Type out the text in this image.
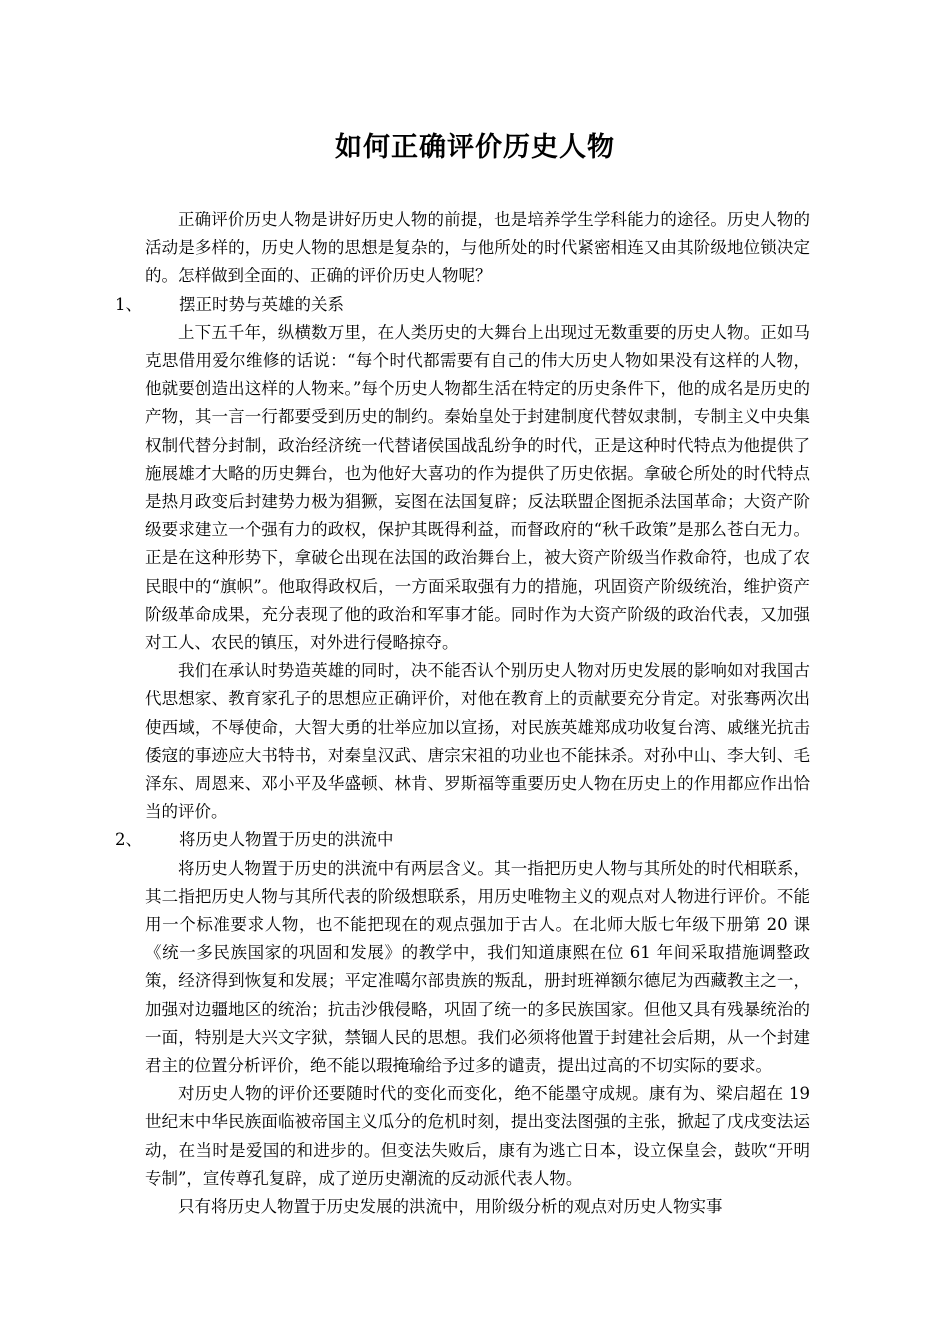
如何正确评价历史人物

正确评价历史人物是讲好历史人物的前提，也是培养学生学科能力的途径。历史人物的活动是多样的，历史人物的思想是复杂的，与他所处的时代紧密相连又由其阶级地位锁决定的。怎样做到全面的、正确的评价历史人物呢？

1、 摆正时势与英雄的关系

上下五千年，纵横数万里，在人类历史的大舞台上出现过无数重要的历史人物。正如马克思借用爱尔维修的话说：“每个时代都需要有自己的伟大历史人物如果没有这样的人物，他就要创造出这样的人物来。”每个历史人物都生活在特定的历史条件下，他的成名是历史的产物，其一言一行都要受到历史的制约。秦始皇处于封建制度代替奴隶制，专制主义中央集权制代替分封制，政治经济统一代替诸侯国战乱纷争的时代，正是这种时代特点为他提供了施展雄才大略的历史舞台，也为他好大喜功的作为提供了历史依据。拿破仑所处的时代特点是热月政变后封建势力极为猖獗，妄图在法国复辟；反法联盟企图扼杀法国革命；大资产阶级要求建立一个强有力的政权，保护其既得利益，而督政府的“秋千政策”是那么苍白无力。正是在这种形势下，拿破仑出现在法国的政治舞台上，被大资产阶级当作救命符，也成了农民眼中的“旗帜”。他取得政权后，一方面采取强有力的措施，巩固资产阶级统治，维护资产阶级革命成果，充分表现了他的政治和军事才能。同时作为大资产阶级的政治代表，又加强对工人、农民的镇压，对外进行侵略掠夺。

我们在承认时势造英雄的同时，决不能否认个别历史人物对历史发展的影响如对我国古代思想家、教育家孔子的思想应正确评价，对他在教育上的贡献要充分肯定。对张骞两次出使西域，不辱使命，大智大勇的壮举应加以宣扬，对民族英雄郑成功收复台湾、戚继光抗击倭寇的事迹应大书特书，对秦皇汉武、唐宗宋祖的功业也不能抹杀。对孙中山、李大钊、毛泽东、周恩来、邓小平及华盛顿、林肯、罗斯福等重要历史人物在历史上的作用都应作出恰当的评价。

2、 将历史人物置于历史的洪流中

将历史人物置于历史的洪流中有两层含义。其一指把历史人物与其所处的时代相联系，其二指把历史人物与其所代表的阶级想联系，用历史唯物主义的观点对人物进行评价。不能用一个标准要求人物，也不能把现在的观点强加于古人。在北师大版七年级下册第 20 课《统一多民族国家的巩固和发展》的教学中，我们知道康熙在位 61 年间采取措施调整政策，经济得到恢复和发展；平定准噶尔部贵族的叛乱，册封班禅额尔德尼为西藏教主之一，加强对边疆地区的统治；抗击沙俄侵略，巩固了统一的多民族国家。但他又具有残暴统治的一面，特别是大兴文字狱，禁锢人民的思想。我们必须将他置于封建社会后期，从一个封建君主的位置分析评价，绝不能以瑕掩瑜给予过多的谴责，提出过高的不切实际的要求。

对历史人物的评价还要随时代的变化而变化，绝不能墨守成规。康有为、梁启超在 19 世纪末中华民族面临被帝国主义瓜分的危机时刻，提出变法图强的主张，掀起了戊戌变法运动，在当时是爱国的和进步的。但变法失败后，康有为逃亡日本，设立保皇会，鼓吹“开明专制”，宣传尊孔复辟，成了逆历史潮流的反动派代表人物。

只有将历史人物置于历史发展的洪流中，用阶级分析的观点对历史人物实事
